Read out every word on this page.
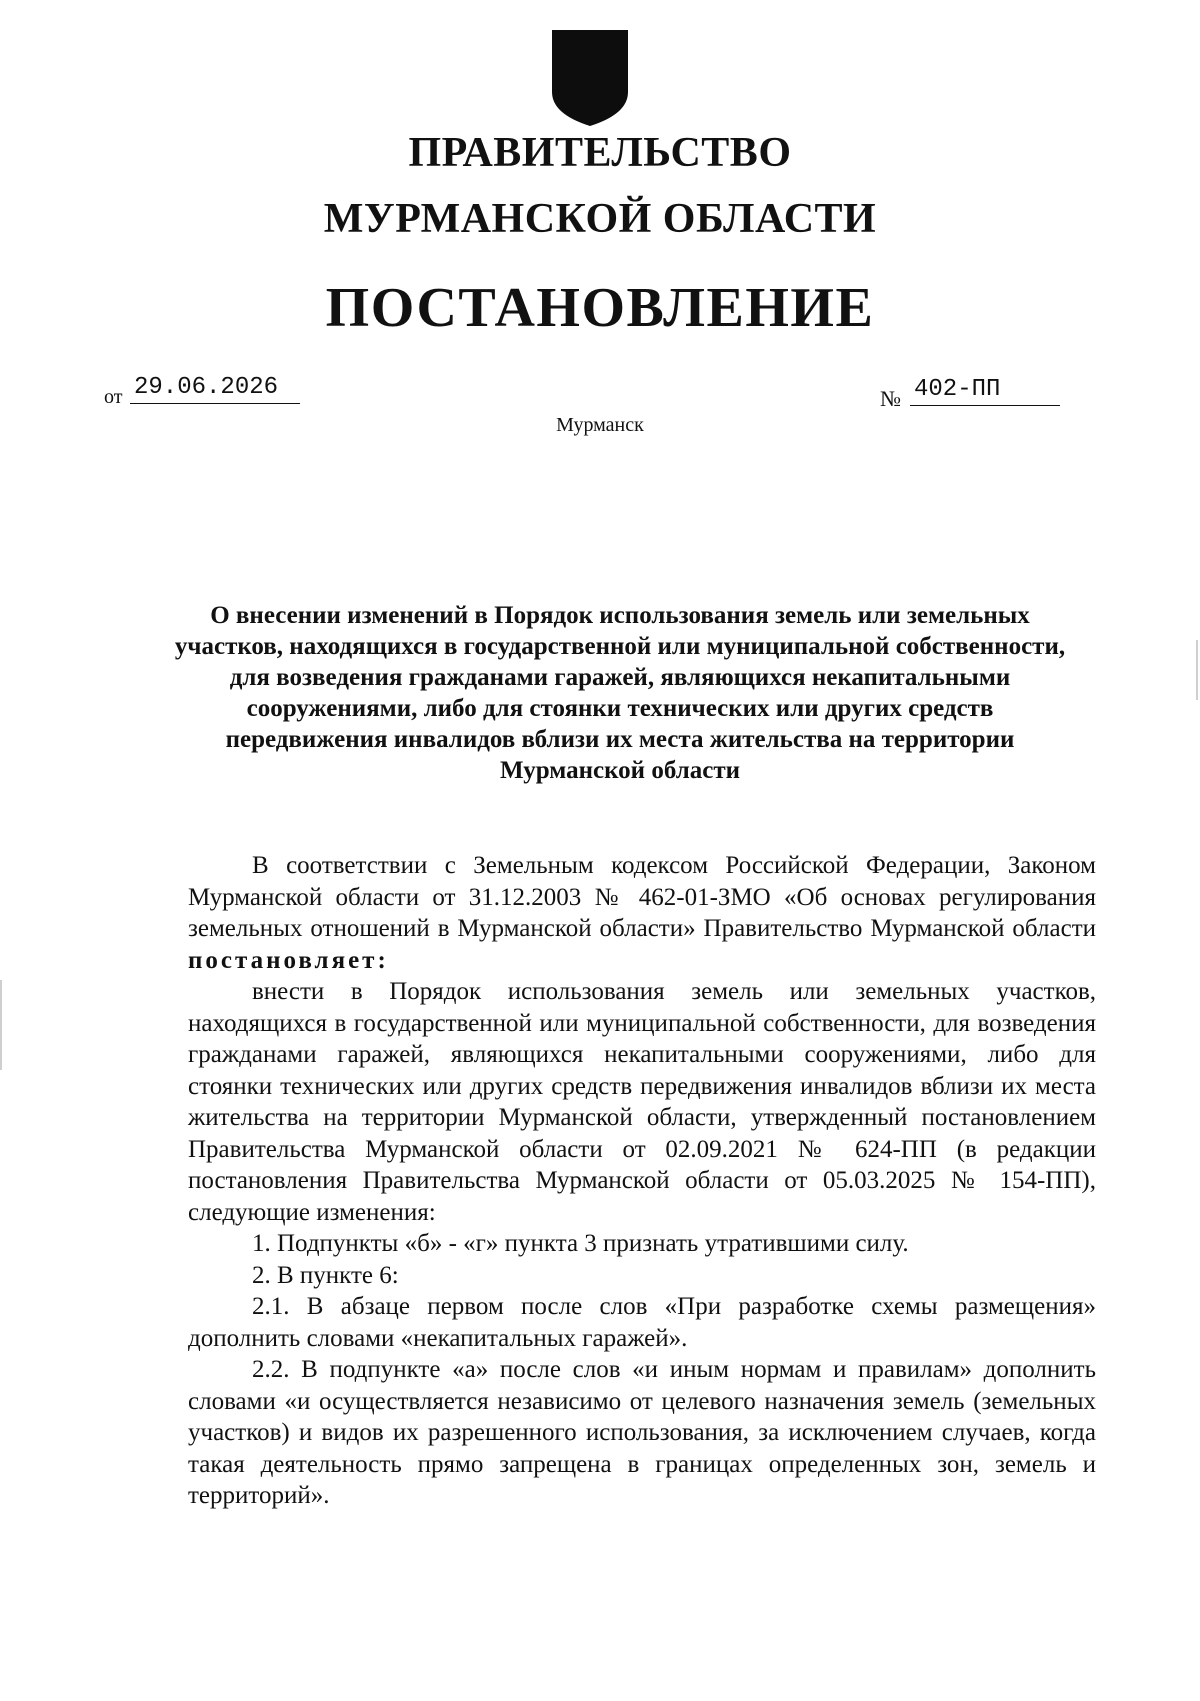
ПРАВИТЕЛЬСТВО
МУРМАНСКОЙ ОБЛАСТИ
ПОСТАНОВЛЕНИЕ
от 29.06.2026	№ 402-ПП
Мурманск
О внесении изменений в Порядок использования земель или земельных участков, находящихся в государственной или муниципальной собственности, для возведения гражданами гаражей, являющихся некапитальными сооружениями, либо для стоянки технических или других средств передвижения инвалидов вблизи их места жительства на территории Мурманской области

В соответствии с Земельным кодексом Российской Федерации, Законом Мурманской области от 31.12.2003 № 462-01-ЗМО «Об основах регулирования земельных отношений в Мурманской области» Правительство Мурманской области постановляет:

внести в Порядок использования земель или земельных участков, находящихся в государственной или муниципальной собственности, для возведения гражданами гаражей, являющихся некапитальными сооружениями, либо для стоянки технических или других средств передвижения инвалидов вблизи их места жительства на территории Мурманской области, утвержденный постановлением Правительства Мурманской области от 02.09.2021 № 624-ПП (в редакции постановления Правительства Мурманской области от 05.03.2025 № 154-ПП), следующие изменения:

1. Подпункты «б» - «г» пункта 3 признать утратившими силу.

2. В пункте 6:

2.1. В абзаце первом после слов «При разработке схемы размещения» дополнить словами «некапитальных гаражей».

2.2. В подпункте «а» после слов «и иным нормам и правилам» дополнить словами «и осуществляется независимо от целевого назначения земель (земельных участков) и видов их разрешенного использования, за исключением случаев, когда такая деятельность прямо запрещена в границах определенных зон, земель и территорий».
